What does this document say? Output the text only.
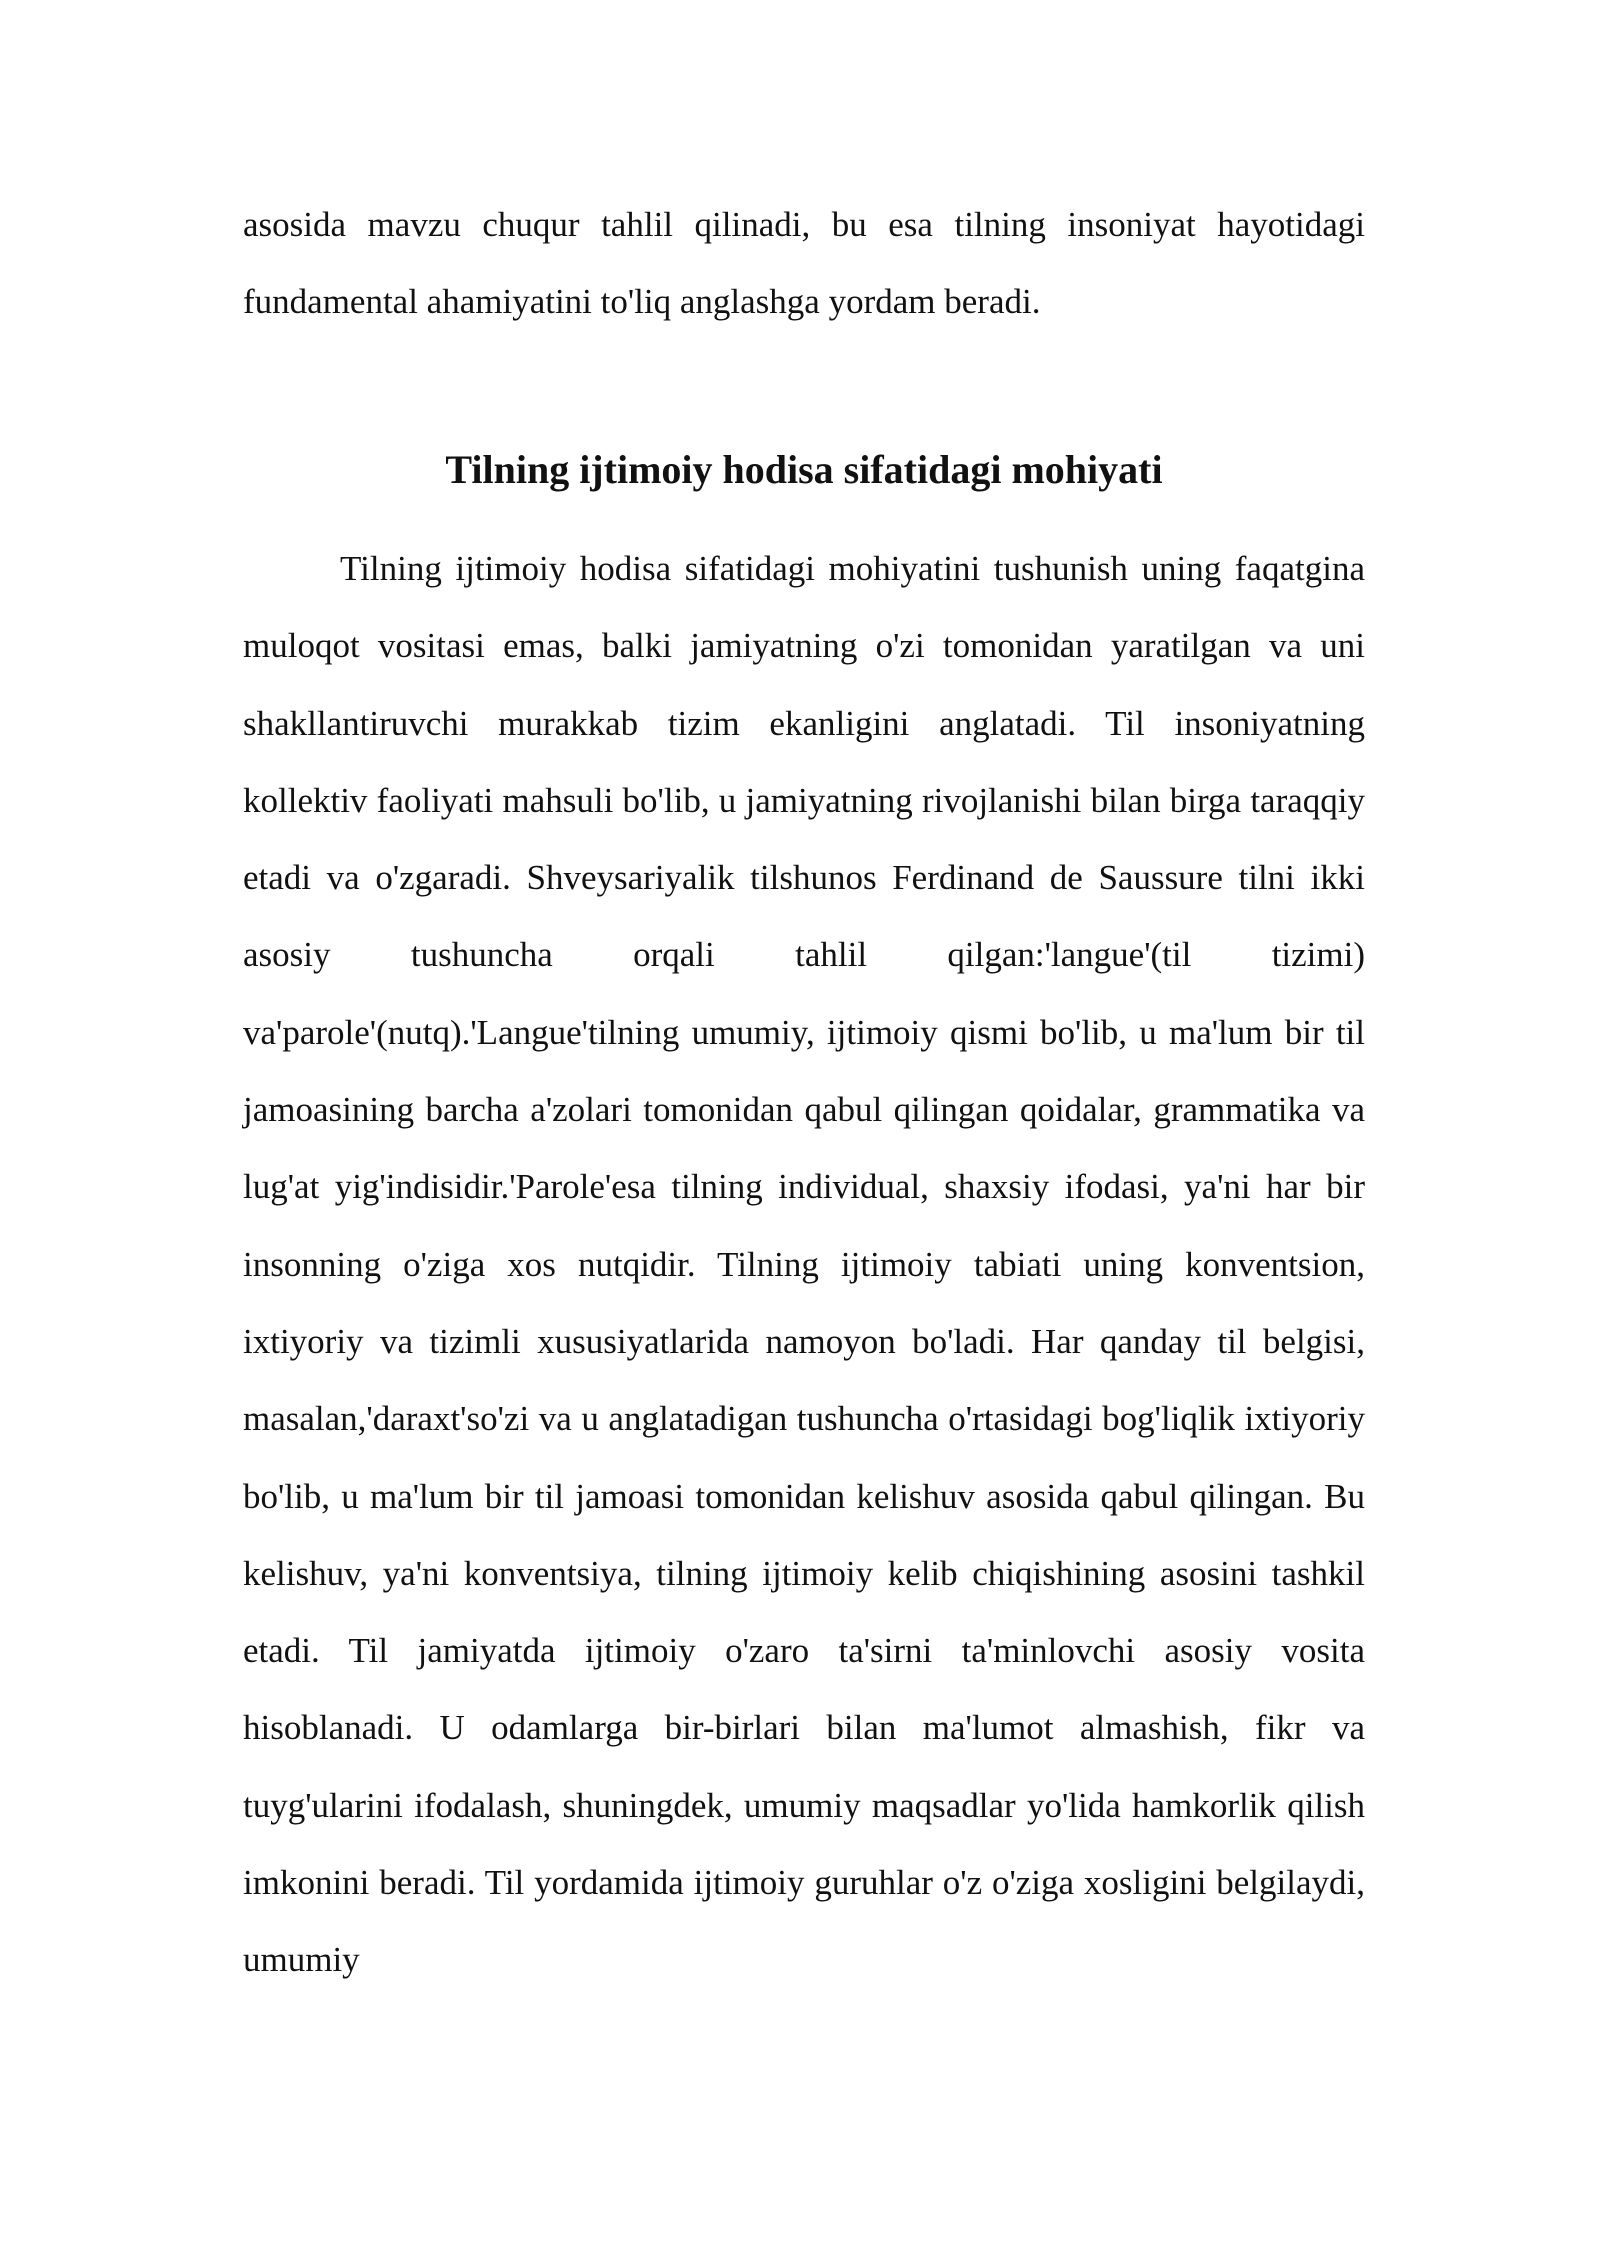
asosida mavzu chuqur tahlil qilinadi, bu esa tilning insoniyat hayotidagi fundamental ahamiyatini to'liq anglashga yordam beradi.

Tilning ijtimoiy hodisa sifatidagi mohiyati

Tilning ijtimoiy hodisa sifatidagi mohiyatini tushunish uning faqatgina muloqot vositasi emas, balki jamiyatning o'zi tomonidan yaratilgan va uni shakllantiruvchi murakkab tizim ekanligini anglatadi. Til insoniyatning kollektiv faoliyati mahsuli bo'lib, u jamiyatning rivojlanishi bilan birga taraqqiy etadi va o'zgaradi. Shveysariyalik tilshunos Ferdinand de Saussure tilni ikki asosiy tushuncha orqali tahlil qilgan:'langue'(til tizimi) va'parole'(nutq).'Langue'tilning umumiy, ijtimoiy qismi bo'lib, u ma'lum bir til jamoasining barcha a'zolari tomonidan qabul qilingan qoidalar, grammatika va lug'at yig'indisidir.'Parole'esa tilning individual, shaxsiy ifodasi, ya'ni har bir insonning o'ziga xos nutqidir. Tilning ijtimoiy tabiati uning konventsion, ixtiyoriy va tizimli xususiyatlarida namoyon bo'ladi. Har qanday til belgisi, masalan,'daraxt'so'zi va u anglatadigan tushuncha o'rtasidagi bog'liqlik ixtiyoriy bo'lib, u ma'lum bir til jamoasi tomonidan kelishuv asosida qabul qilingan. Bu kelishuv, ya'ni konventsiya, tilning ijtimoiy kelib chiqishining asosini tashkil etadi. Til jamiyatda ijtimoiy o'zaro ta'sirni ta'minlovchi asosiy vosita hisoblanadi. U odamlarga bir-birlari bilan ma'lumot almashish, fikr va tuyg'ularini ifodalash, shuningdek, umumiy maqsadlar yo'lida hamkorlik qilish imkonini beradi. Til yordamida ijtimoiy guruhlar o'z o'ziga xosligini belgilaydi, umumiy
